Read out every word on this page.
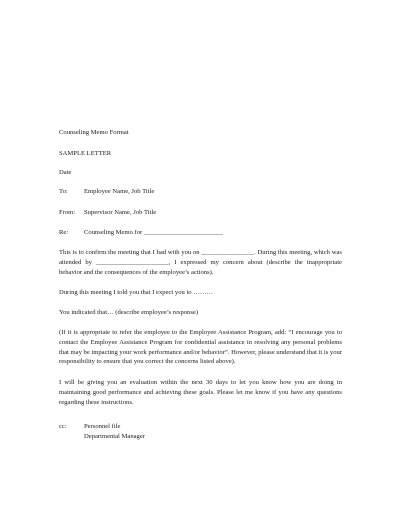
Counseling Memo Format
SAMPLE LETTER
Date
To: Employee Name, Job Title
From: Supervisor Name, Job Title
Re: Counseling Memo for ________________________
This is to confirm the meeting that I had with you on ________________. During this meeting, which was attended by ______________________, I expressed my concern about (describe the inappropriate behavior and the consequences of the employee’s actions).
During this meeting I told you that I expect you to ………
You indicated that… (describe employee’s response)
(If it is appropriate to refer the employee to the Employee Assistance Program, add: “I encourage you to contact the Employee Assistance Program for confidential assistance in resolving any personal problems that may be impacting your work performance and/or behavior”. However, please understand that it is your responsibility to ensure that you correct the concerns listed above).
I will be giving you an evaluation within the next 30 days to let you know how you are doing in maintaining good performance and achieving these goals. Please let me know if you have any questions regarding these instructions.
cc:	Personnel file
Departmental Manager
